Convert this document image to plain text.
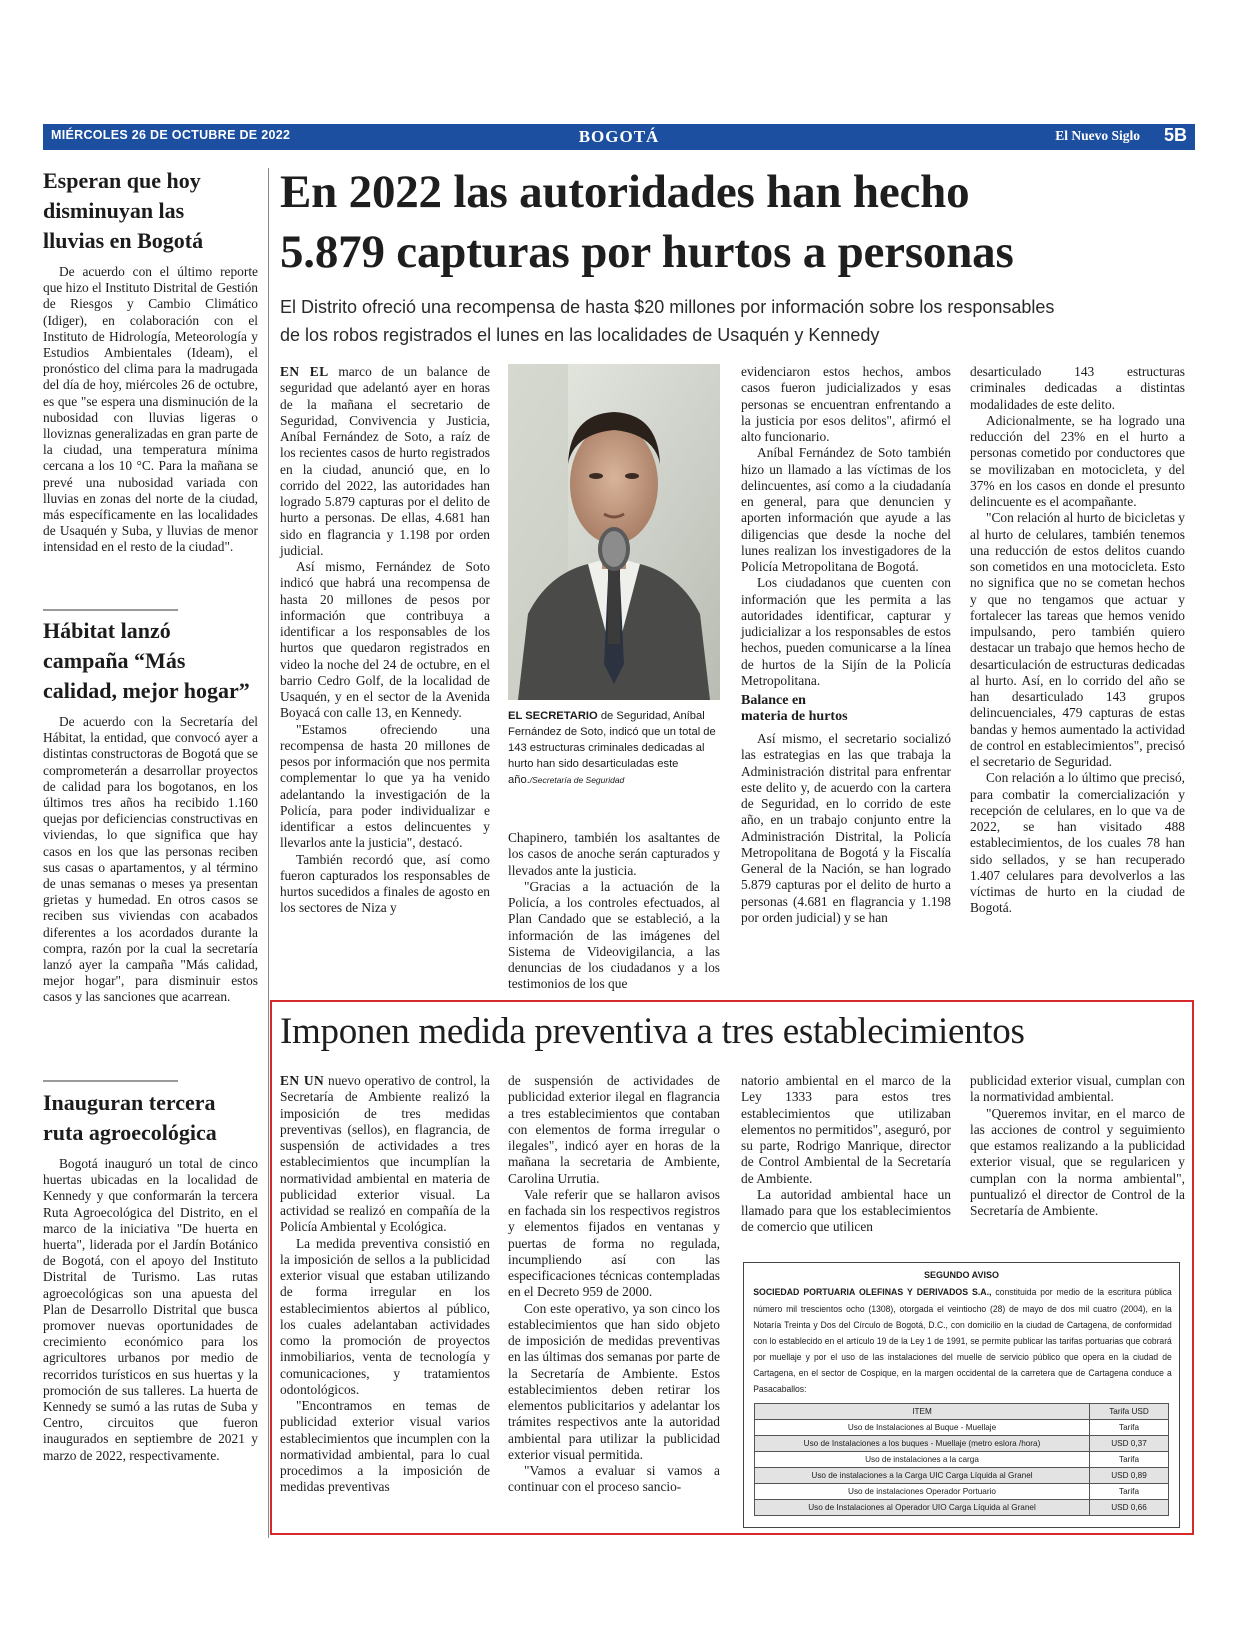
MIÉRCOLES 26 DE OCTUBRE DE 2022	BOGOTÁ	El Nuevo Siglo 5B
Esperan que hoy
disminuyan las
lluvias en Bogotá

De acuerdo con el último reporte que hizo el Instituto Distrital de Gestión de Riesgos y Cambio Climático (Idiger), en colaboración con el Instituto de Hidrología, Meteorología y Estudios Ambientales (Ideam), el pronóstico del clima para la madrugada del día de hoy, miércoles 26 de octubre, es que "se espera una disminución de la nubosidad con lluvias ligeras o lloviznas generalizadas en gran parte de la ciudad, una temperatura mínima cercana a los 10 °C. Para la mañana se prevé una nubosidad variada con lluvias en zonas del norte de la ciudad, más específicamente en las localidades de Usaquén y Suba, y lluvias de menor intensidad en el resto de la ciudad".

Hábitat lanzó
campaña “Más
calidad, mejor hogar”

De acuerdo con la Secretaría del Hábitat, la entidad, que convocó ayer a distintas constructoras de Bogotá que se comprometerán a desarrollar proyectos de calidad para los bogotanos, en los últimos tres años ha recibido 1.160 quejas por deficiencias constructivas en viviendas, lo que significa que hay casos en los que las personas reciben sus casas o apartamentos, y al término de unas semanas o meses ya presentan grietas y humedad. En otros casos se reciben sus viviendas con acabados diferentes a los acordados durante la compra, razón por la cual la secretaría lanzó ayer la campaña "Más calidad, mejor hogar", para disminuir estos casos y las sanciones que acarrean.

Inauguran tercera
ruta agroecológica

Bogotá inauguró un total de cinco huertas ubicadas en la localidad de Kennedy y que conformarán la tercera Ruta Agroecológica del Distrito, en el marco de la iniciativa "De huerta en huerta", liderada por el Jardín Botánico de Bogotá, con el apoyo del Instituto Distrital de Turismo. Las rutas agroecológicas son una apuesta del Plan de Desarrollo Distrital que busca promover nuevas oportunidades de crecimiento económico para los agricultores urbanos por medio de recorridos turísticos en sus huertas y la promoción de sus talleres. La huerta de Kennedy se sumó a las rutas de Suba y Centro, circuitos que fueron inaugurados en septiembre de 2021 y marzo de 2022, respectivamente.

En 2022 las autoridades han hecho
5.879 capturas por hurtos a personas
El Distrito ofreció una recompensa de hasta $20 millones por información sobre los responsables
de los robos registrados el lunes en las localidades de Usaquén y Kennedy

EN EL marco de un balance de seguridad que adelantó ayer en horas de la mañana el secretario de Seguridad, Convivencia y Justicia, Aníbal Fernández de Soto, a raíz de los recientes casos de hurto registrados en la ciudad, anunció que, en lo corrido del 2022, las autoridades han logrado 5.879 capturas por el delito de hurto a personas. De ellas, 4.681 han sido en flagrancia y 1.198 por orden judicial.

Así mismo, Fernández de Soto indicó que habrá una recompensa de hasta 20 millones de pesos por información que contribuya a identificar a los responsables de los hurtos que quedaron registrados en video la noche del 24 de octubre, en el barrio Cedro Golf, de la localidad de Usaquén, y en el sector de la Avenida Boyacá con calle 13, en Kennedy.

"Estamos ofreciendo una recompensa de hasta 20 millones de pesos por información que nos permita complementar lo que ya ha venido adelantando la investigación de la Policía, para poder individualizar e identificar a estos delincuentes y llevarlos ante la justicia", destacó.

También recordó que, así como fueron capturados los responsables de hurtos sucedidos a finales de agosto en los sectores de Niza y

EL SECRETARIO de Seguridad, Aníbal Fernández de Soto, indicó que un total de 143 estructuras criminales dedicadas al hurto han sido desarticuladas este año./Secretaría de Seguridad

Chapinero, también los asaltantes de los casos de anoche serán capturados y llevados ante la justicia.

"Gracias a la actuación de la Policía, a los controles efectuados, al Plan Candado que se estableció, a la información de las imágenes del Sistema de Videovigilancia, a las denuncias de los ciudadanos y a los testimonios de los que

evidenciaron estos hechos, ambos casos fueron judicializados y esas personas se encuentran enfrentando a la justicia por esos delitos", afirmó el alto funcionario.

Aníbal Fernández de Soto también hizo un llamado a las víctimas de los delincuentes, así como a la ciudadanía en general, para que denuncien y aporten información que ayude a las diligencias que desde la noche del lunes realizan los investigadores de la Policía Metropolitana de Bogotá.

Los ciudadanos que cuenten con información que les permita a las autoridades identificar, capturar y judicializar a los responsables de estos hechos, pueden comunicarse a la línea de hurtos de la Sijín de la Policía Metropolitana.

Balance en
materia de hurtos

Así mismo, el secretario socializó las estrategias en las que trabaja la Administración distrital para enfrentar este delito y, de acuerdo con la cartera de Seguridad, en lo corrido de este año, en un trabajo conjunto entre la Administración Distrital, la Policía Metropolitana de Bogotá y la Fiscalía General de la Nación, se han logrado 5.879 capturas por el delito de hurto a personas (4.681 en flagrancia y 1.198 por orden judicial) y se han

desarticulado 143 estructuras criminales dedicadas a distintas modalidades de este delito.

Adicionalmente, se ha logrado una reducción del 23% en el hurto a personas cometido por conductores que se movilizaban en motocicleta, y del 37% en los casos en donde el presunto delincuente es el acompañante.

"Con relación al hurto de bicicletas y al hurto de celulares, también tenemos una reducción de estos delitos cuando son cometidos en una motocicleta. Esto no significa que no se cometan hechos y que no tengamos que actuar y fortalecer las tareas que hemos venido impulsando, pero también quiero destacar un trabajo que hemos hecho de desarticulación de estructuras dedicadas al hurto. Así, en lo corrido del año se han desarticulado 143 grupos delincuenciales, 479 capturas de estas bandas y hemos aumentado la actividad de control en establecimientos", precisó el secretario de Seguridad.

Con relación a lo último que precisó, para combatir la comercialización y recepción de celulares, en lo que va de 2022, se han visitado 488 establecimientos, de los cuales 78 han sido sellados, y se han recuperado 1.407 celulares para devolverlos a las víctimas de hurto en la ciudad de Bogotá.

Imponen medida preventiva a tres establecimientos

EN UN nuevo operativo de control, la Secretaría de Ambiente realizó la imposición de tres medidas preventivas (sellos), en flagrancia, de suspensión de actividades a tres establecimientos que incumplían la normatividad ambiental en materia de publicidad exterior visual. La actividad se realizó en compañía de la Policía Ambiental y Ecológica.

La medida preventiva consistió en la imposición de sellos a la publicidad exterior visual que estaban utilizando de forma irregular en los establecimientos abiertos al público, los cuales adelantaban actividades como la promoción de proyectos inmobiliarios, venta de tecnología y comunicaciones, y tratamientos odontológicos.

"Encontramos en temas de publicidad exterior visual varios establecimientos que incumplen con la normatividad ambiental, para lo cual procedimos a la imposición de medidas preventivas

de suspensión de actividades de publicidad exterior ilegal en flagrancia a tres establecimientos que contaban con elementos de forma irregular o ilegales", indicó ayer en horas de la mañana la secretaria de Ambiente, Carolina Urrutia.

Vale referir que se hallaron avisos en fachada sin los respectivos registros y elementos fijados en ventanas y puertas de forma no regulada, incumpliendo así con las especificaciones técnicas contempladas en el Decreto 959 de 2000.

Con este operativo, ya son cinco los establecimientos que han sido objeto de imposición de medidas preventivas en las últimas dos semanas por parte de la Secretaría de Ambiente. Estos establecimientos deben retirar los elementos publicitarios y adelantar los trámites respectivos ante la autoridad ambiental para utilizar la publicidad exterior visual permitida.

"Vamos a evaluar si vamos a continuar con el proceso sancio-

natorio ambiental en el marco de la Ley 1333 para estos tres establecimientos que utilizaban elementos no permitidos", aseguró, por su parte, Rodrigo Manrique, director de Control Ambiental de la Secretaría de Ambiente.

La autoridad ambiental hace un llamado para que los establecimientos de comercio que utilicen

publicidad exterior visual, cumplan con la normatividad ambiental.

"Queremos invitar, en el marco de las acciones de control y seguimiento que estamos realizando a la publicidad exterior visual, que se regularicen y cumplan con la norma ambiental", puntualizó el director de Control de la Secretaría de Ambiente.

SEGUNDO AVISO
SOCIEDAD PORTUARIA OLEFINAS Y DERIVADOS S.A., constituida por medio de la escritura pública número mil trescientos ocho (1308), otorgada el veintiocho (28) de mayo de dos mil cuatro (2004), en la Notaría Treinta y Dos del Círculo de Bogotá, D.C., con domicilio en la ciudad de Cartagena, de conformidad con lo establecido en el artículo 19 de la Ley 1 de 1991, se permite publicar las tarifas portuarias que cobrará por muellaje y por el uso de las instalaciones del muelle de servicio público que opera en la ciudad de Cartagena, en el sector de Cospique, en la margen occidental de la carretera que de Cartagena conduce a Pasacaballos:
ITEM	Tarifa USD
Uso de Instalaciones al Buque - Muellaje	Tarifa
Uso de Instalaciones a los buques - Muellaje (metro eslora /hora)	USD 0,37
Uso de instalaciones a la carga	Tarifa
Uso de instalaciones a la Carga UIC Carga Líquida al Granel	USD 0,89
Uso de instalaciones Operador Portuario	Tarifa
Uso de Instalaciones al Operador UIO Carga Líquida al Granel	USD 0,66
